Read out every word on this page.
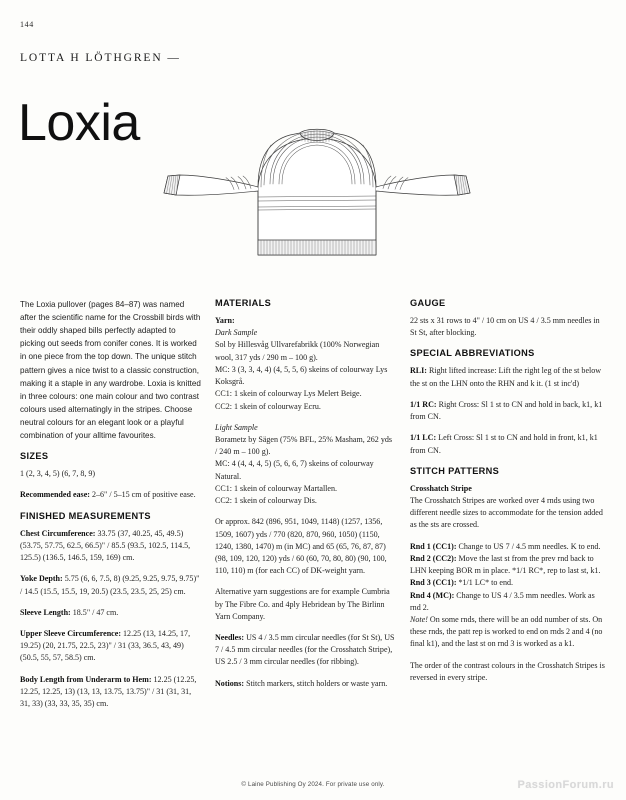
144
LOTTA H LÖTHGREN —
Loxia

The Loxia pullover (pages 84–87) was named after the scientific name for the Crossbill birds with their oddly shaped bills perfectly adapted to picking out seeds from conifer cones. It is worked in one piece from the top down. The unique stitch pattern gives a nice twist to a classic construction, making it a staple in any wardrobe. Loxia is knitted in three colours: one main colour and two contrast colours used alternatingly in the stripes. Choose neutral colours for an elegant look or a playful combination of your alltime favourites.

SIZES

1 (2, 3, 4, 5) (6, 7, 8, 9)

Recommended ease: 2–6" / 5–15 cm of positive ease.

FINISHED MEASUREMENTS

Chest Circumference: 33.75 (37, 40.25, 45, 49.5) (53.75, 57.75, 62.5, 66.5)" / 85.5 (93.5, 102.5, 114.5, 125.5) (136.5, 146.5, 159, 169) cm.

Yoke Depth: 5.75 (6, 6, 7.5, 8) (9.25, 9.25, 9.75, 9.75)" / 14.5 (15.5, 15.5, 19, 20.5) (23.5, 23.5, 25, 25) cm.

Sleeve Length: 18.5" / 47 cm.

Upper Sleeve Circumference: 12.25 (13, 14.25, 17, 19.25) (20, 21.75, 22.5, 23)" / 31 (33, 36.5, 43, 49) (50.5, 55, 57, 58.5) cm.

Body Length from Underarm to Hem: 12.25 (12.25, 12.25, 12.25, 13) (13, 13, 13.75, 13.75)" / 31 (31, 31, 31, 33) (33, 33, 35, 35) cm.

MATERIALS

Yarn:

Dark Sample

Sol by Hillesvåg Ullvarefabrikk (100% Norwegian wool, 317 yds / 290 m – 100 g).

MC: 3 (3, 3, 4, 4) (4, 5, 5, 6) skeins of colourway Lys Koksgrå.

CC1: 1 skein of colourway Lys Melert Beige.

CC2: 1 skein of colourway Ecru.

Light Sample

Borametz by Sägen (75% BFL, 25% Masham, 262 yds / 240 m – 100 g).

MC: 4 (4, 4, 4, 5) (5, 6, 6, 7) skeins of colourway Natural.

CC1: 1 skein of colourway Martallen.

CC2: 1 skein of colourway Dis.

Or approx. 842 (896, 951, 1049, 1148) (1257, 1356, 1509, 1607) yds / 770 (820, 870, 960, 1050) (1150, 1240, 1380, 1470) m (in MC) and 65 (65, 76, 87, 87) (98, 109, 120, 120) yds / 60 (60, 70, 80, 80) (90, 100, 110, 110) m (for each CC) of DK-weight yarn.

Alternative yarn suggestions are for example Cumbria by The Fibre Co. and 4ply Hebridean by The Birlinn Yarn Company.

Needles: US 4 / 3.5 mm circular needles (for St St), US 7 / 4.5 mm circular needles (for the Crosshatch Stripe), US 2.5 / 3 mm circular needles (for ribbing).

Notions: Stitch markers, stitch holders or waste yarn.

GAUGE

22 sts x 31 rows to 4" / 10 cm on US 4 / 3.5 mm needles in St St, after blocking.

SPECIAL ABBREVIATIONS

RLI: Right lifted increase: Lift the right leg of the st below the st on the LHN onto the RHN and k it. (1 st inc'd)

1/1 RC: Right Cross: Sl 1 st to CN and hold in back, k1, k1 from CN.

1/1 LC: Left Cross: Sl 1 st to CN and hold in front, k1, k1 from CN.

STITCH PATTERNS

Crosshatch Stripe

The Crosshatch Stripes are worked over 4 rnds using two different needle sizes to accommodate for the tension added as the sts are crossed.

Rnd 1 (CC1): Change to US 7 / 4.5 mm needles. K to end.

Rnd 2 (CC2): Move the last st from the prev rnd back to LHN keeping BOR m in place. *1/1 RC*, rep to last st, k1.

Rnd 3 (CC1): *1/1 LC* to end.

Rnd 4 (MC): Change to US 4 / 3.5 mm needles. Work as rnd 2.

Note! On some rnds, there will be an odd number of sts. On these rnds, the patt rep is worked to end on rnds 2 and 4 (no final k1), and the last st on rnd 3 is worked as a k1.

The order of the contrast colours in the Crosshatch Stripes is reversed in every stripe.

© Laine Publishing Oy 2024. For private use only.	PassionForum.ru
